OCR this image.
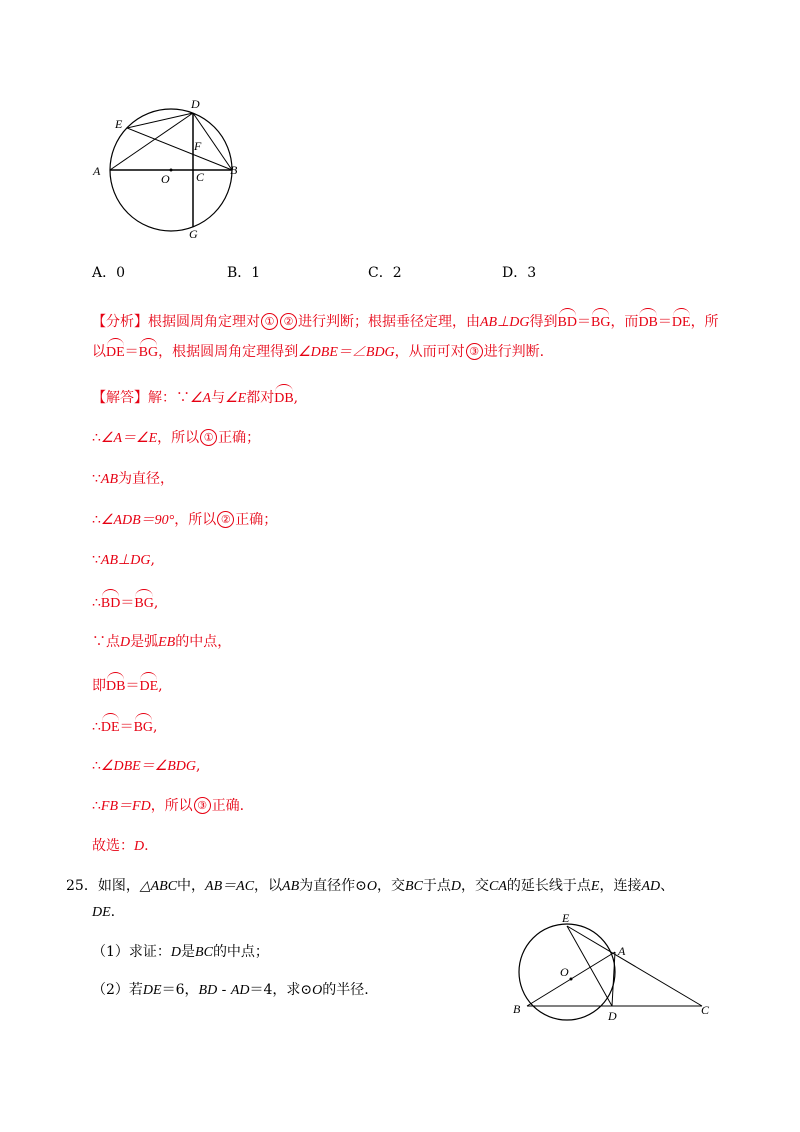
D
E
F
A
O C B
G
A．0	B．1	C．2	D．3
【分析】根据圆周角定理对 ① ② 进行判断；根据垂径定理，由AB⊥DG得到BD＝BG，而DB＝DE，所
以DE＝BG，根据圆周角定理得到∠DBE＝∠BDG，从而可对 ③ 进行判断.
【解答】解：∵∠A与∠E都对DB,
∴∠A＝∠E，所以 ① 正确；
∵AB为直径，
∴∠ADB＝90°，所以 ② 正确；
∵AB⊥DG,
∴BD＝BG,
∵点D是弧EB的中点，
即DB＝DE,
∴DE＝BG,
∴∠DBE＝∠BDG,
∴FB＝FD，所以 ③ 正确.
故选：D.
25．如图，△ABC中，AB＝AC，以AB为直径作⊙O，交BC于点D，交CA的延长线于点E，连接AD、
DE.
（1）求证：D是BC的中点；
（2）若DE＝6，BD - AD＝4，求⊙O的半径.
E
A
O
B	D	C
